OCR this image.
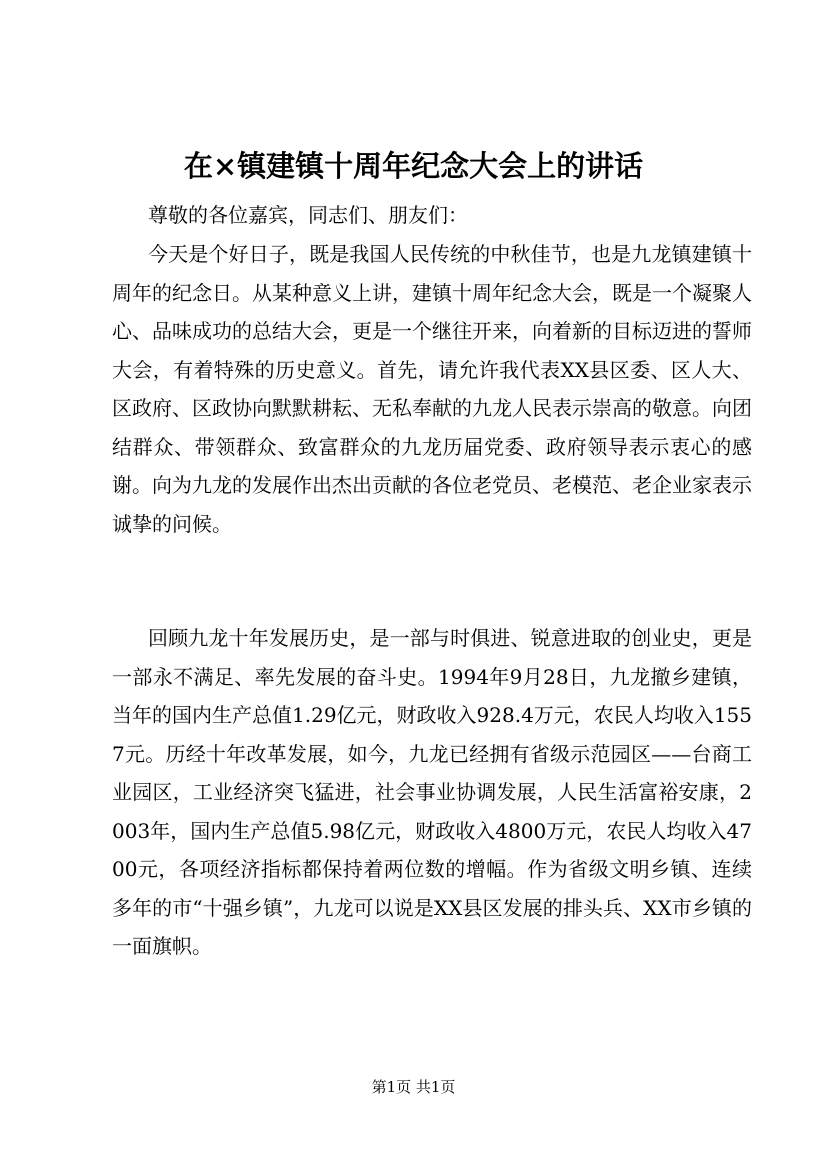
在×镇建镇十周年纪念大会上的讲话
尊敬的各位嘉宾，同志们、朋友们：
今天是个好日子，既是我国人民传统的中秋佳节，也是九龙镇建镇十周年的纪念日。从某种意义上讲，建镇十周年纪念大会，既是一个凝聚人心、品味成功的总结大会，更是一个继往开来，向着新的目标迈进的誓师大会，有着特殊的历史意义。首先，请允许我代表XX县区委、区人大、区政府、区政协向默默耕耘、无私奉献的九龙人民表示崇高的敬意。向团结群众、带领群众、致富群众的九龙历届党委、政府领导表示衷心的感谢。向为九龙的发展作出杰出贡献的各位老党员、老模范、老企业家表示诚挚的问候。
回顾九龙十年发展历史，是一部与时俱进、锐意进取的创业史，更是一部永不满足、率先发展的奋斗史。1994年9月28日，九龙撤乡建镇，当年的国内生产总值1.29亿元，财政收入928.4万元，农民人均收入1557元。历经十年改革发展，如今，九龙已经拥有省级示范园区——台商工业园区，工业经济突飞猛进，社会事业协调发展，人民生活富裕安康，2003年，国内生产总值5.98亿元，财政收入4800万元，农民人均收入4700元，各项经济指标都保持着两位数的增幅。作为省级文明乡镇、连续多年的市“十强乡镇”，九龙可以说是XX县区发展的排头兵、XX市乡镇的一面旗帜。
第1页 共1页
